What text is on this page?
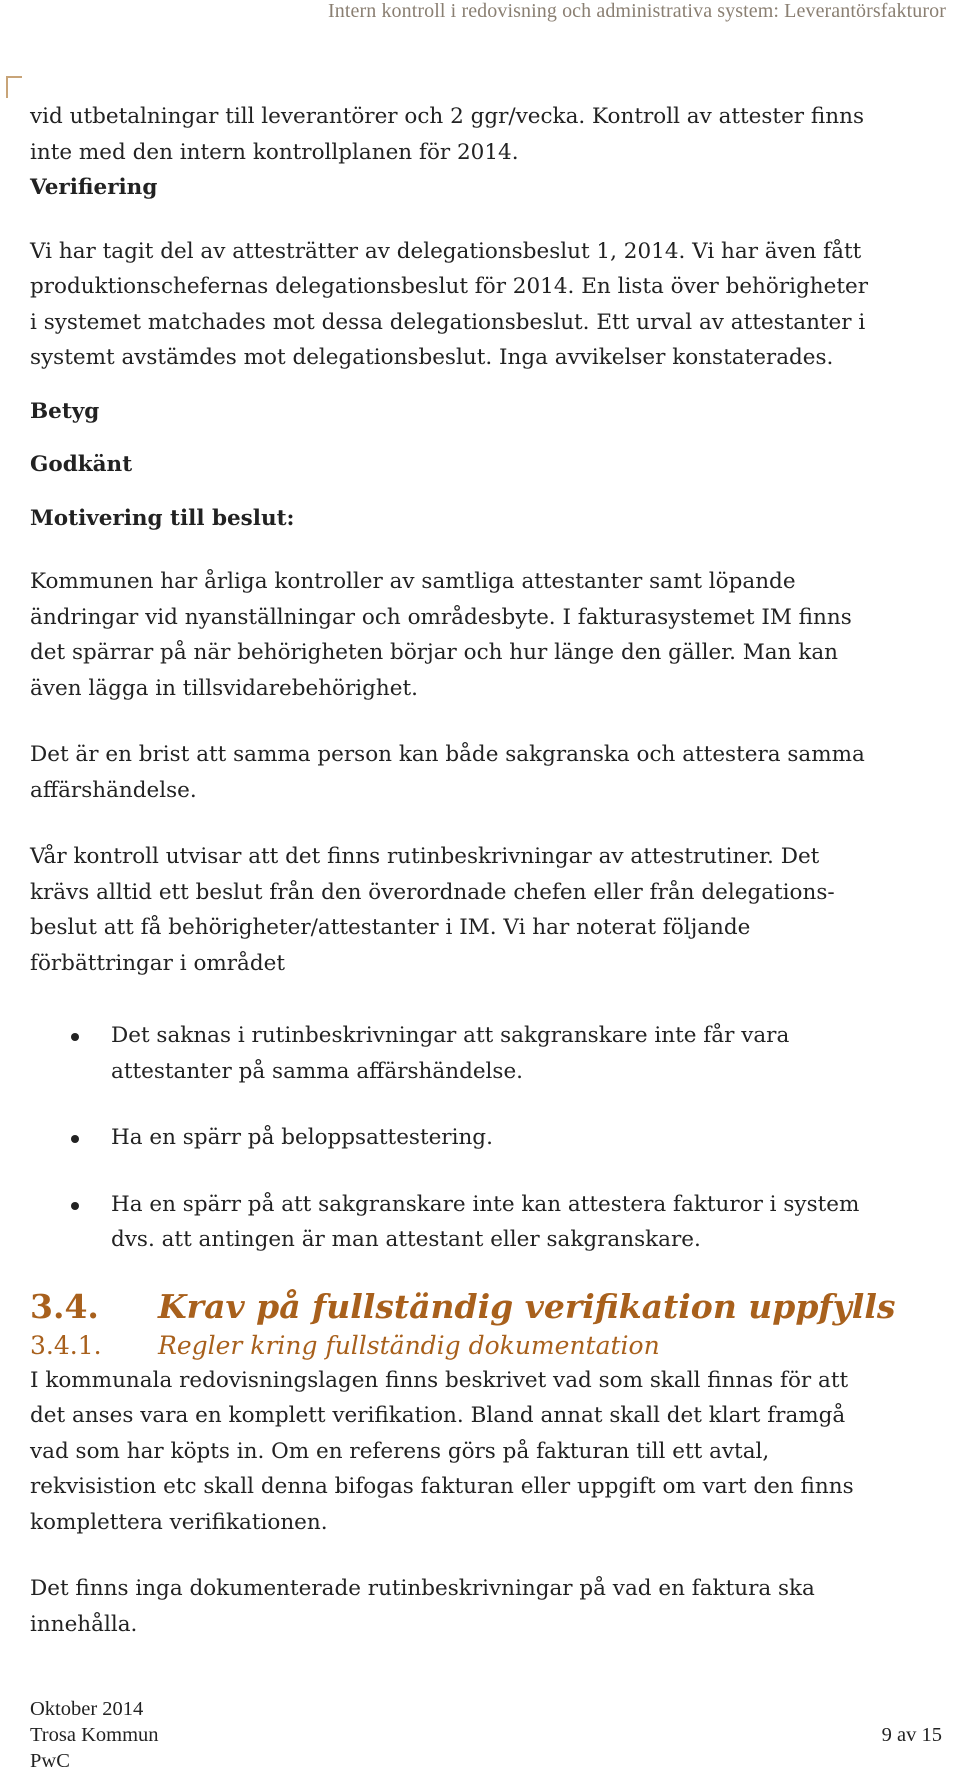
Intern kontroll i redovisning och administrativa system: Leverantörsfakturor

vid utbetalningar till leverantörer och 2 ggr/vecka. Kontroll av attester finns
inte med den intern kontrollplanen för 2014.

Verifiering

Vi har tagit del av attesträtter av delegationsbeslut 1, 2014. Vi har även fått
produktionschefernas delegationsbeslut för 2014. En lista över behörigheter
i systemet matchades mot dessa delegationsbeslut. Ett urval av attestanter i
systemt avstämdes mot delegationsbeslut. Inga avvikelser konstaterades.

Betyg

Godkänt

Motivering till beslut:

Kommunen har årliga kontroller av samtliga attestanter samt löpande
ändringar vid nyanställningar och områdesbyte. I fakturasystemet IM finns
det spärrar på när behörigheten börjar och hur länge den gäller. Man kan
även lägga in tillsvidarebehörighet.

Det är en brist att samma person kan både sakgranska och attestera samma
affärshändelse.

Vår kontroll utvisar att det finns rutinbeskrivningar av attestrutiner. Det
krävs alltid ett beslut från den överordnade chefen eller från delegations-
beslut att få behörigheter/attestanter i IM. Vi har noterat följande
förbättringar i området

Det saknas i rutinbeskrivningar att sakgranskare inte får vara
attestanter på samma affärshändelse.
Ha en spärr på beloppsattestering.
Ha en spärr på att sakgranskare inte kan attestera fakturor i system
dvs. att antingen är man attestant eller sakgranskare.
3.4.	Krav på fullständig verifikation uppfylls
3.4.1.	Regler kring fullständig dokumentation

I kommunala redovisningslagen finns beskrivet vad som skall finnas för att
det anses vara en komplett verifikation. Bland annat skall det klart framgå
vad som har köpts in. Om en referens görs på fakturan till ett avtal,
rekvisistion etc skall denna bifogas fakturan eller uppgift om vart den finns
komplettera verifikationen.

Det finns inga dokumenterade rutinbeskrivningar på vad en faktura ska
innehålla.

Oktober 2014
Trosa Kommun
PwC
9 av 15
